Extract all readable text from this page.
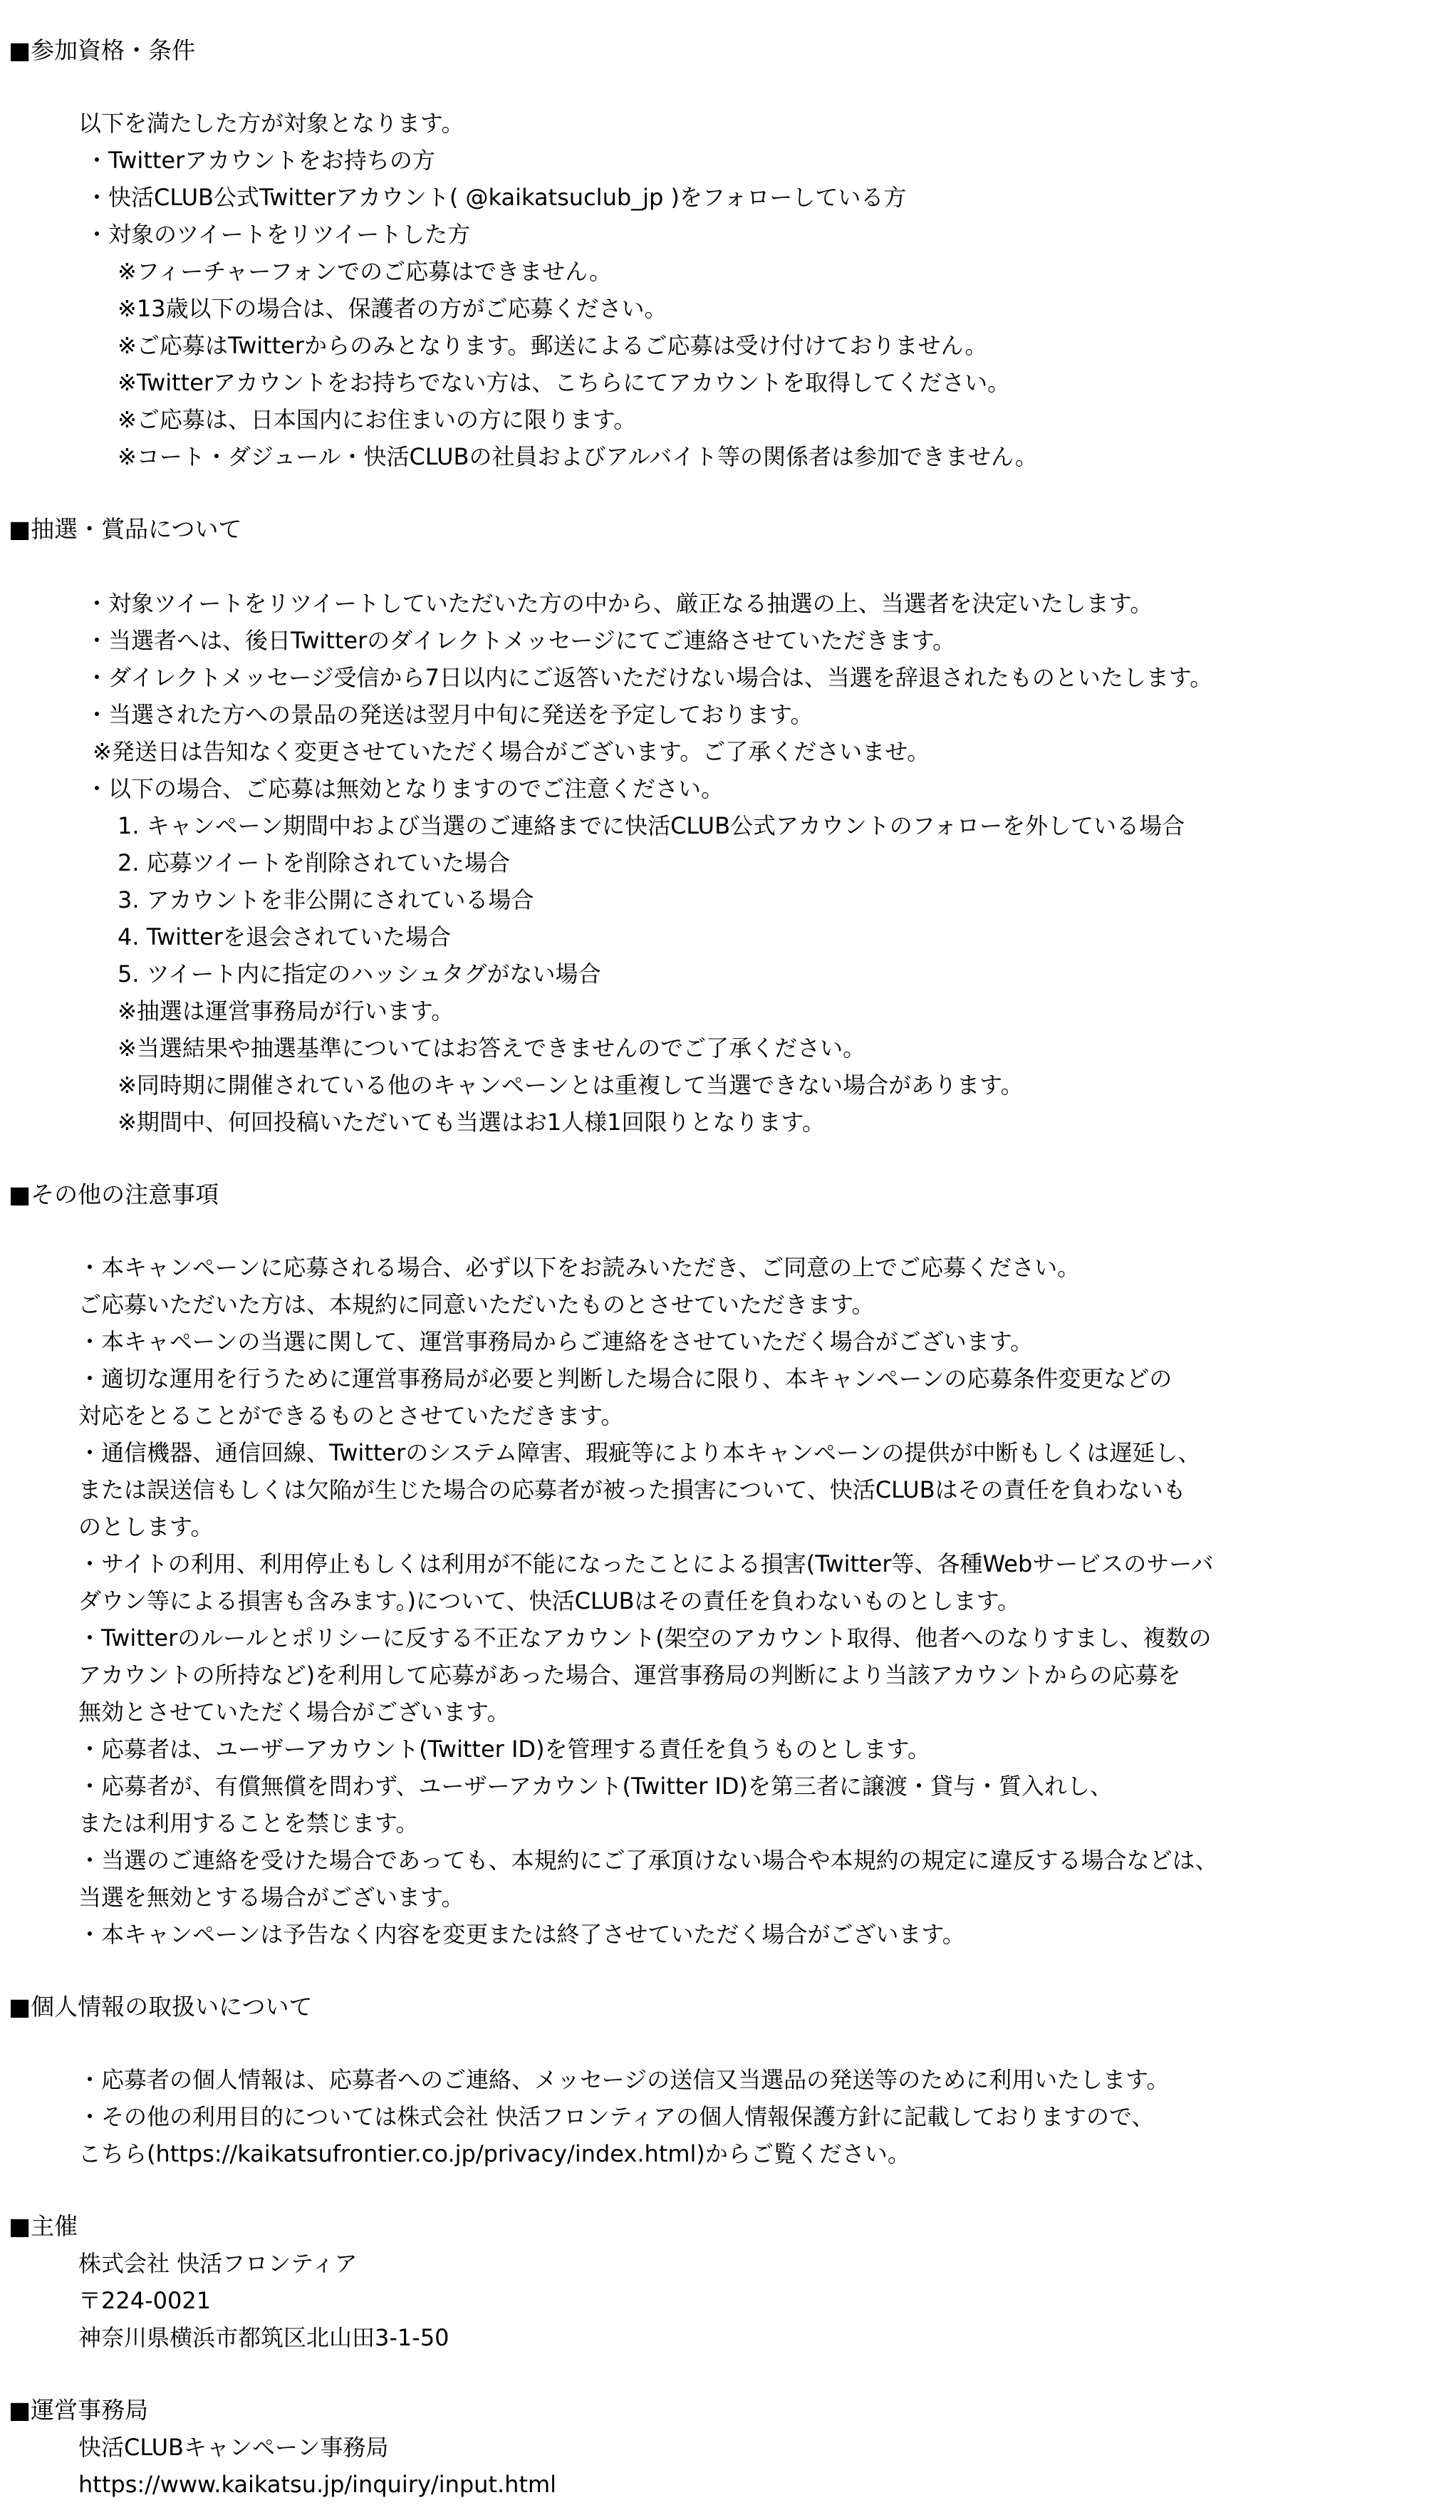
■参加資格・条件
以下を満たした方が対象となります。
・Twitterアカウントをお持ちの方
・快活CLUB公式Twitterアカウント( @kaikatsuclub_jp )をフォローしている方
・対象のツイートをリツイートした方
※フィーチャーフォンでのご応募はできません。
※13歳以下の場合は、保護者の方がご応募ください。
※ご応募はTwitterからのみとなります。郵送によるご応募は受け付けておりません。
※Twitterアカウントをお持ちでない方は、こちらにてアカウントを取得してください。
※ご応募は、日本国内にお住まいの方に限ります。
※コート・ダジュール・快活CLUBの社員およびアルバイト等の関係者は参加できません。
■抽選・賞品について
・対象ツイートをリツイートしていただいた方の中から、厳正なる抽選の上、当選者を決定いたします。
・当選者へは、後日Twitterのダイレクトメッセージにてご連絡させていただきます。
・ダイレクトメッセージ受信から7日以内にご返答いただけない場合は、当選を辞退されたものといたします。
・当選された方への景品の発送は翌月中旬に発送を予定しております。
※発送日は告知なく変更させていただく場合がございます。ご了承くださいませ。
・以下の場合、ご応募は無効となりますのでご注意ください。
1. キャンペーン期間中および当選のご連絡までに快活CLUB公式アカウントのフォローを外している場合
2. 応募ツイートを削除されていた場合
3. アカウントを非公開にされている場合
4. Twitterを退会されていた場合
5. ツイート内に指定のハッシュタグがない場合
※抽選は運営事務局が行います。
※当選結果や抽選基準についてはお答えできませんのでご了承ください。
※同時期に開催されている他のキャンペーンとは重複して当選できない場合があります。
※期間中、何回投稿いただいても当選はお1人様1回限りとなります。
■その他の注意事項
・本キャンペーンに応募される場合、必ず以下をお読みいただき、ご同意の上でご応募ください。
ご応募いただいた方は、本規約に同意いただいたものとさせていただきます。
・本キャペーンの当選に関して、運営事務局からご連絡をさせていただく場合がございます。
・適切な運用を行うために運営事務局が必要と判断した場合に限り、本キャンペーンの応募条件変更などの
対応をとることができるものとさせていただきます。
・通信機器、通信回線、Twitterのシステム障害、瑕疵等により本キャンペーンの提供が中断もしくは遅延し、
または誤送信もしくは欠陥が生じた場合の応募者が被った損害について、快活CLUBはその責任を負わないも
のとします。
・サイトの利用、利用停止もしくは利用が不能になったことによる損害(Twitter等、各種Webサービスのサーバ
ダウン等による損害も含みます。)について、快活CLUBはその責任を負わないものとします。
・Twitterのルールとポリシーに反する不正なアカウント(架空のアカウント取得、他者へのなりすまし、複数の
アカウントの所持など)を利用して応募があった場合、運営事務局の判断により当該アカウントからの応募を
無効とさせていただく場合がございます。
・応募者は、ユーザーアカウント(Twitter ID)を管理する責任を負うものとします。
・応募者が、有償無償を問わず、ユーザーアカウント(Twitter ID)を第三者に譲渡・貸与・質入れし、
または利用することを禁じます。
・当選のご連絡を受けた場合であっても、本規約にご了承頂けない場合や本規約の規定に違反する場合などは、
当選を無効とする場合がございます。
・本キャンペーンは予告なく内容を変更または終了させていただく場合がございます。
■個人情報の取扱いについて
・応募者の個人情報は、応募者へのご連絡、メッセージの送信又当選品の発送等のために利用いたします。
・その他の利用目的については株式会社 快活フロンティアの個人情報保護方針に記載しておりますので、
こちら(https://kaikatsufrontier.co.jp/privacy/index.html)からご覧ください。
■主催
株式会社 快活フロンティア
〒224-0021
神奈川県横浜市都筑区北山田3-1-50
■運営事務局
快活CLUBキャンペーン事務局
https://www.kaikatsu.jp/inquiry/input.html
